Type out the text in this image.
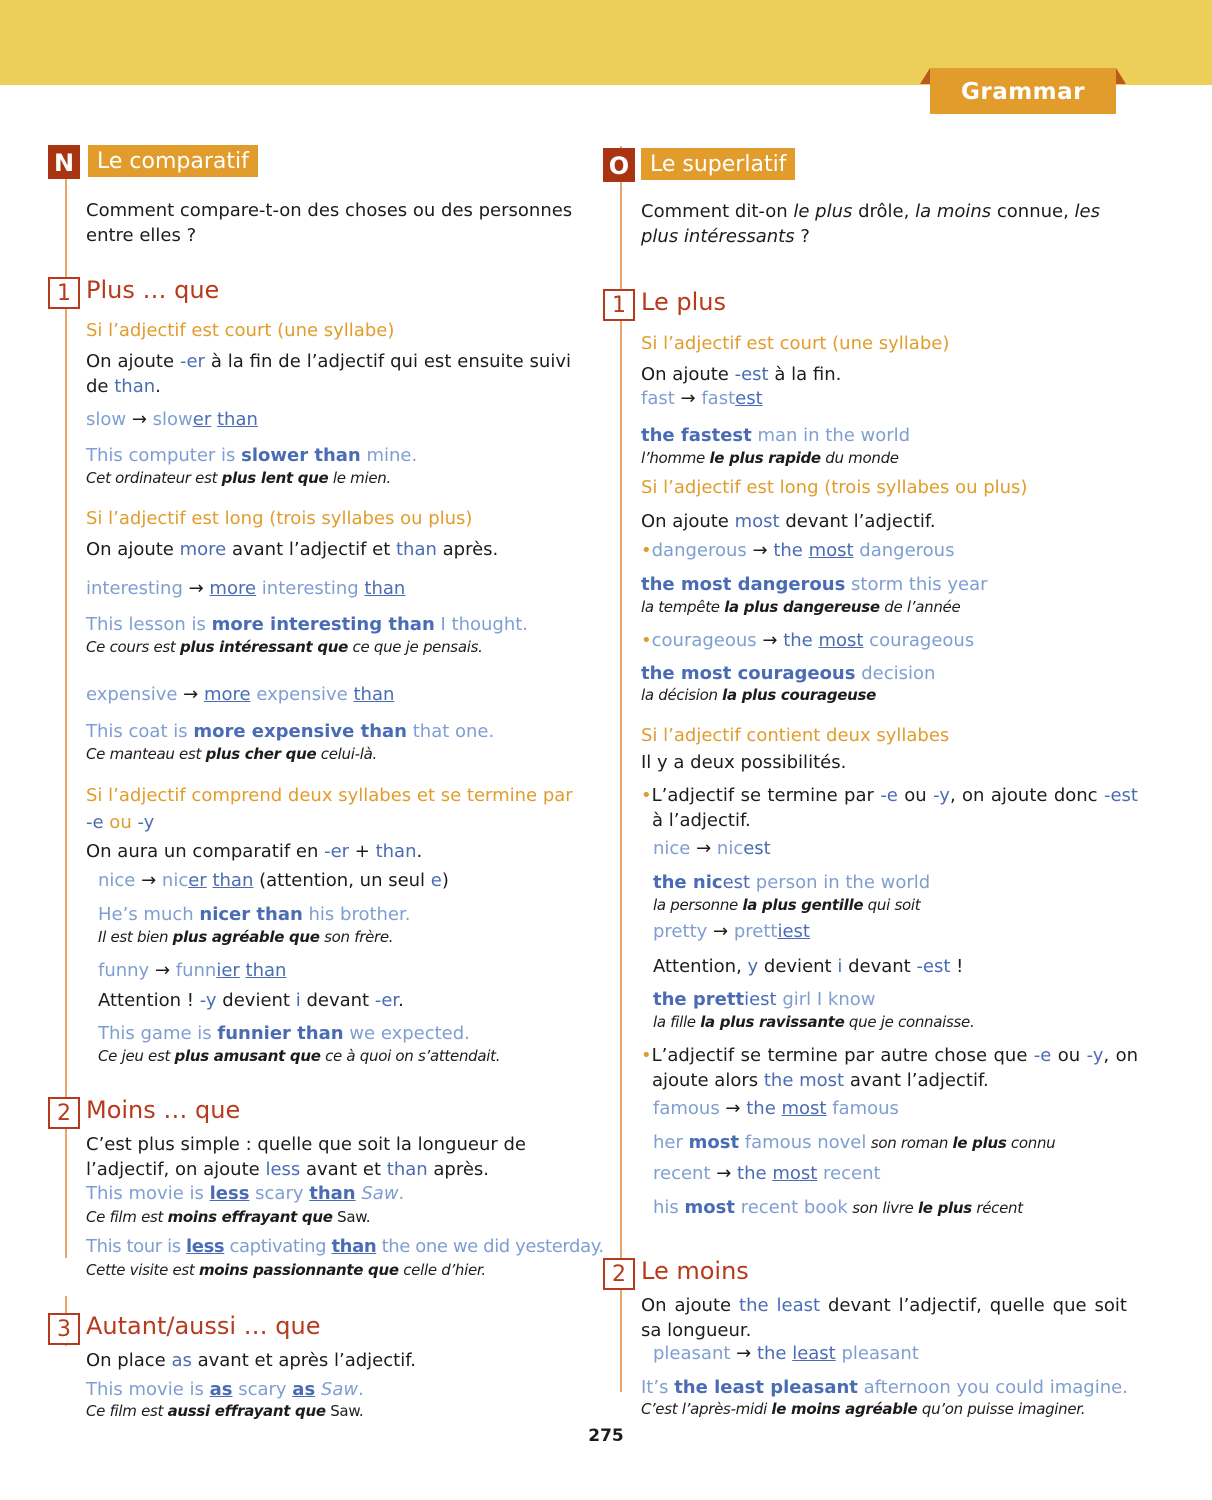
Grammar
N	Le comparatif
Comment compare-t-on des choses ou des personnes entre elles ?
1 Plus … que
Si l’adjectif est court (une syllabe)
On ajoute -er à la fin de l’adjectif qui est ensuite suivi de than.
slow → slower than
This computer is slower than mine.
Cet ordinateur est plus lent que le mien.
Si l’adjectif est long (trois syllabes ou plus)
On ajoute more avant l’adjectif et than après.
interesting → more interesting than
This lesson is more interesting than I thought.
Ce cours est plus intéressant que ce que je pensais.
expensive → more expensive than
This coat is more expensive than that one.
Ce manteau est plus cher que celui-là.
Si l’adjectif comprend deux syllabes et se termine par -e ou -y
On aura un comparatif en -er + than.
nice → nicer than (attention, un seul e)
He’s much nicer than his brother.
Il est bien plus agréable que son frère.
funny → funnier than
Attention ! -y devient i devant -er.
This game is funnier than we expected.
Ce jeu est plus amusant que ce à quoi on s’attendait.
2 Moins … que
C’est plus simple : quelle que soit la longueur de l’adjectif, on ajoute less avant et than après.
This movie is less scary than Saw.
Ce film est moins effrayant que Saw.
This tour is less captivating than the one we did yesterday.
Cette visite est moins passionnante que celle d’hier.
3 Autant/aussi … que
On place as avant et après l’adjectif.
This movie is as scary as Saw.
Ce film est aussi effrayant que Saw.
O Le superlatif
Comment dit-on le plus drôle, la moins connue, les plus intéressants ?
1 Le plus
Si l’adjectif est court (une syllabe)
On ajoute -est à la fin.
fast → fastest
the fastest man in the world
l’homme le plus rapide du monde
Si l’adjectif est long (trois syllabes ou plus)
On ajoute most devant l’adjectif.
•dangerous → the most dangerous
the most dangerous storm this year
la tempête la plus dangereuse de l’année
•courageous → the most courageous
the most courageous decision
la décision la plus courageuse
Si l’adjectif contient deux syllabes
Il y a deux possibilités.
•L’adjectif se termine par -e ou -y, on ajoute donc -est à l’adjectif.
nice → nicest
the nicest person in the world
la personne la plus gentille qui soit
pretty → prettiest
Attention, y devient i devant -est !
the prettiest girl I know
la fille la plus ravissante que je connaisse.
•L’adjectif se termine par autre chose que -e ou -y, on ajoute alors the most avant l’adjectif.
famous → the most famous
her most famous novel son roman le plus connu
recent → the most recent
his most recent book son livre le plus récent
2 Le moins
On ajoute the least devant l’adjectif, quelle que soit sa longueur.
pleasant → the least pleasant
It’s the least pleasant afternoon you could imagine.
C’est l’après-midi le moins agréable qu’on puisse imaginer.
275
